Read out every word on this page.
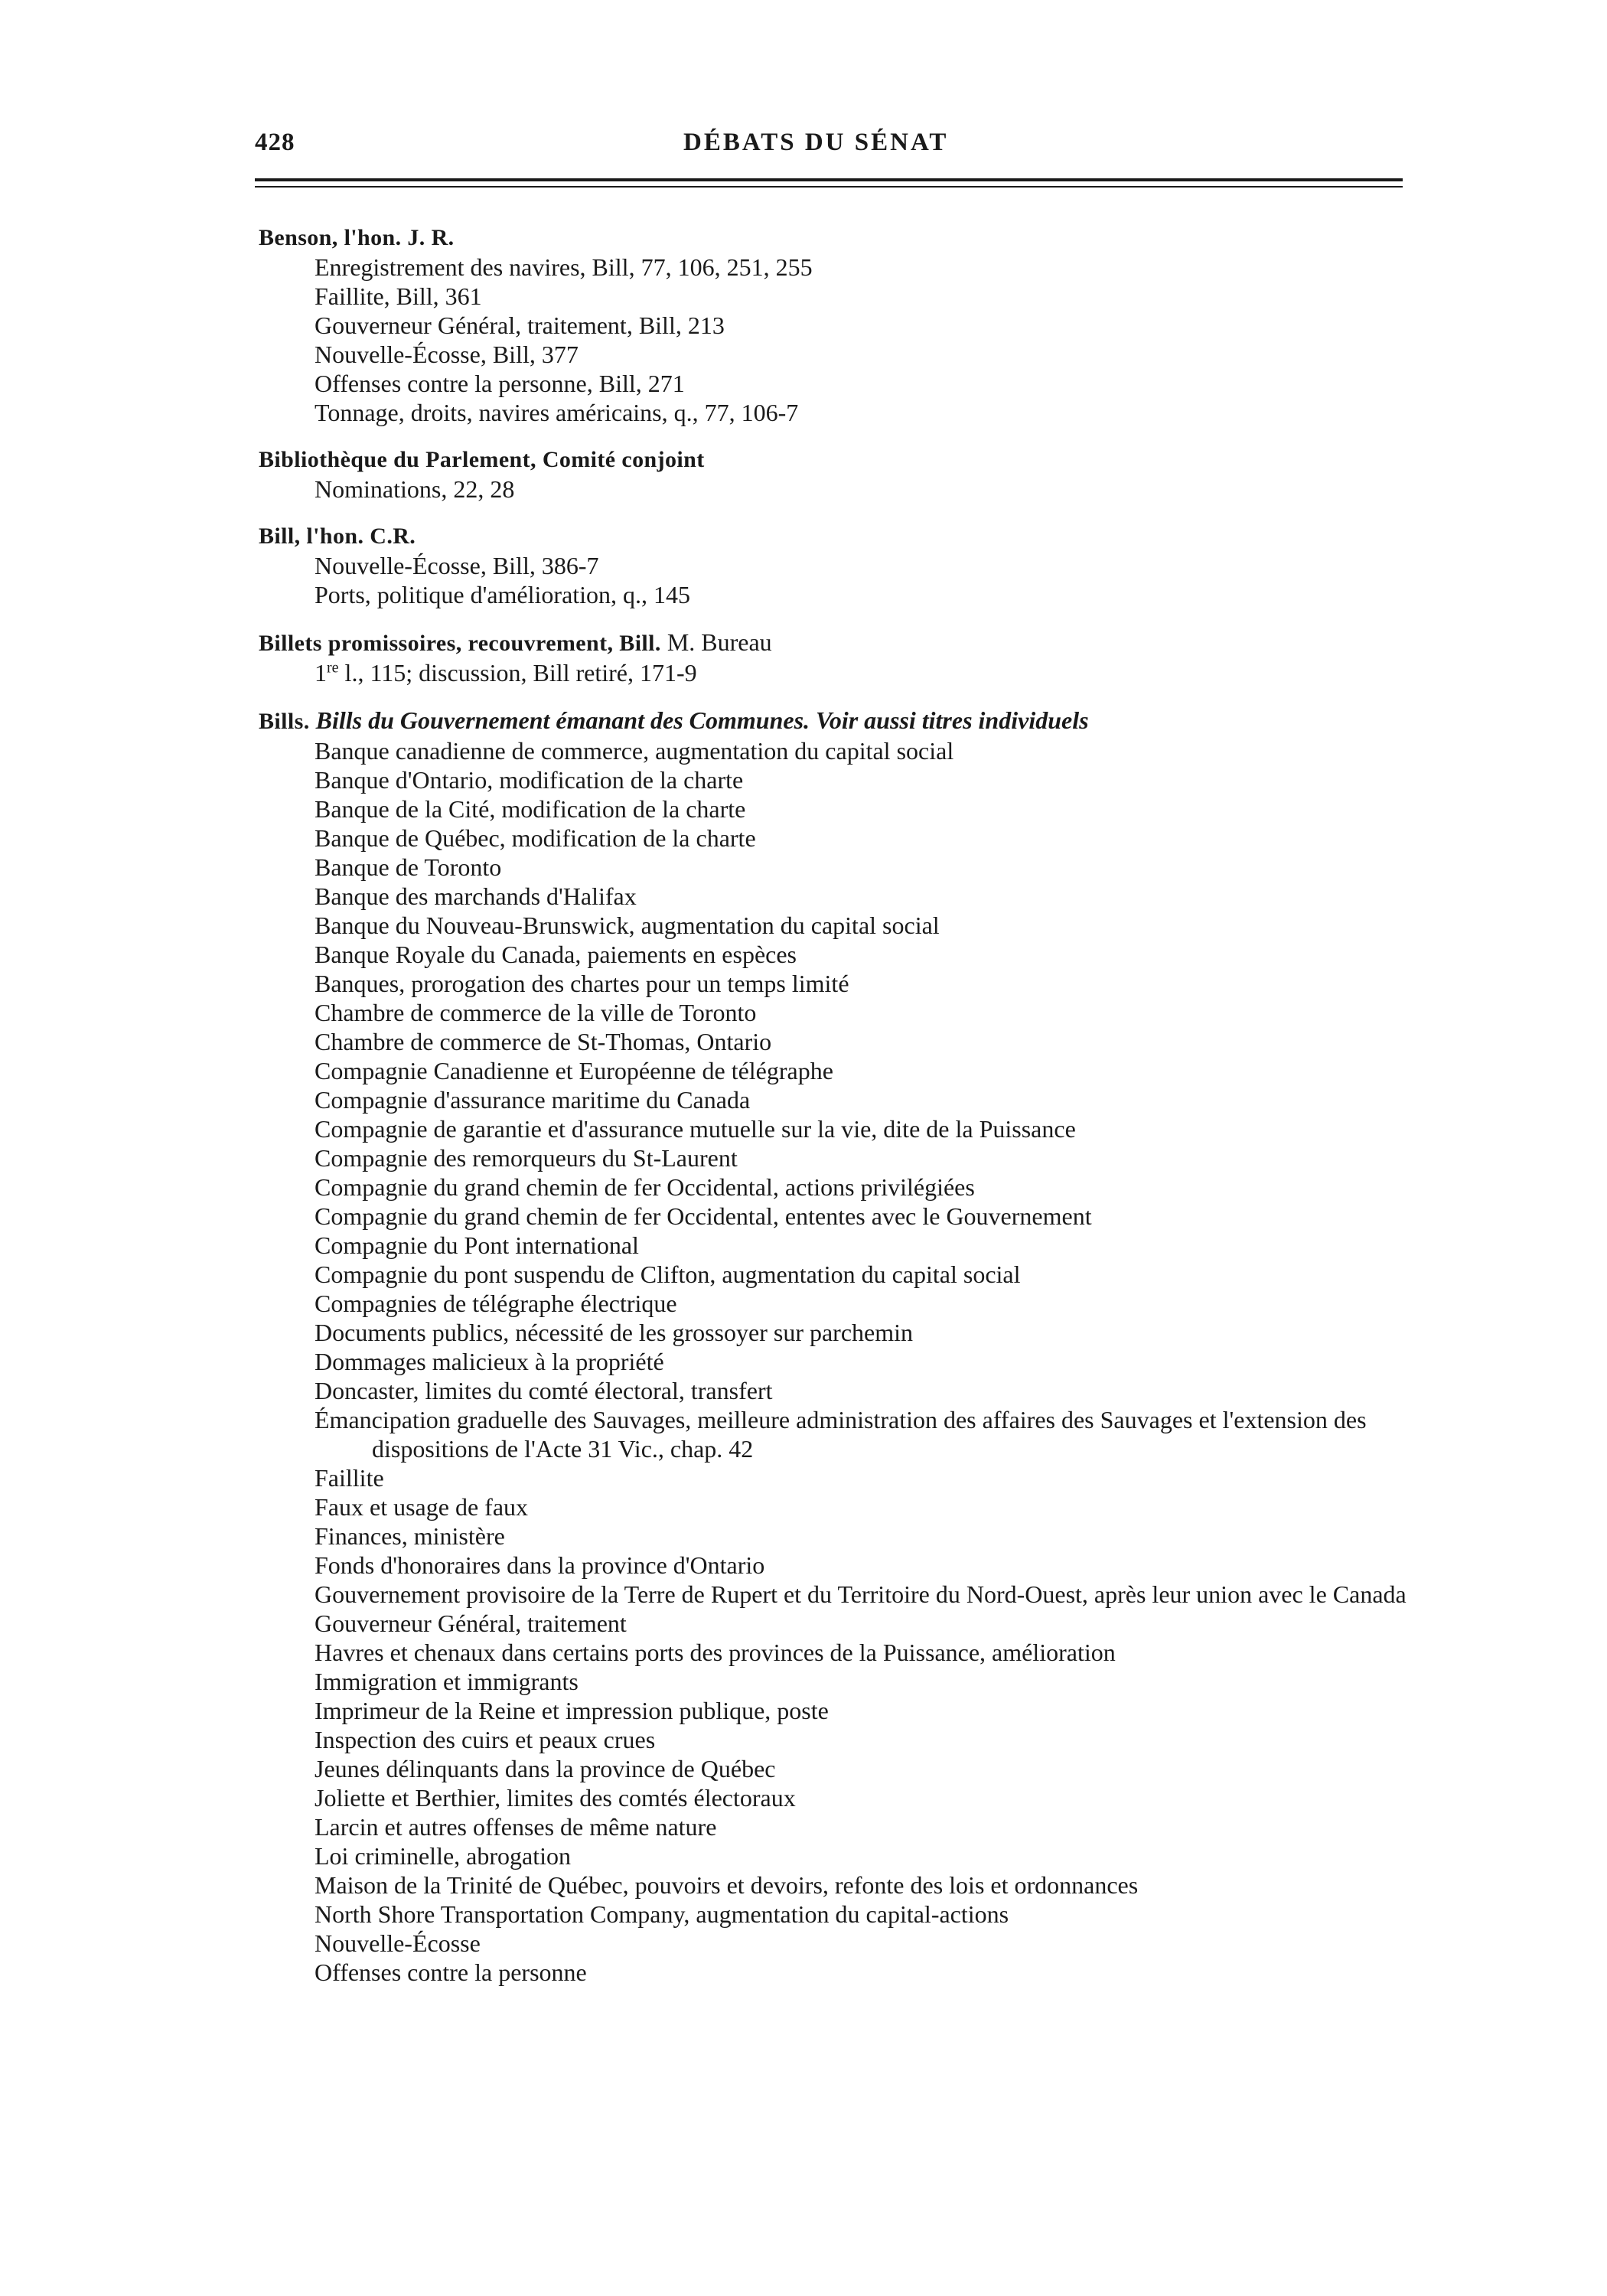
428	DÉBATS DU SÉNAT
Benson, l'hon. J. R.
Enregistrement des navires, Bill, 77, 106, 251, 255
Faillite, Bill, 361
Gouverneur Général, traitement, Bill, 213
Nouvelle-Écosse, Bill, 377
Offenses contre la personne, Bill, 271
Tonnage, droits, navires américains, q., 77, 106-7
Bibliothèque du Parlement, Comité conjoint
Nominations, 22, 28
Bill, l'hon. C.R.
Nouvelle-Écosse, Bill, 386-7
Ports, politique d'amélioration, q., 145
Billets promissoires, recouvrement, Bill. M. Bureau
1re l., 115; discussion, Bill retiré, 171-9
Bills. Bills du Gouvernement émanant des Communes. Voir aussi titres individuels
Banque canadienne de commerce, augmentation du capital social
Banque d'Ontario, modification de la charte
Banque de la Cité, modification de la charte
Banque de Québec, modification de la charte
Banque de Toronto
Banque des marchands d'Halifax
Banque du Nouveau-Brunswick, augmentation du capital social
Banque Royale du Canada, paiements en espèces
Banques, prorogation des chartes pour un temps limité
Chambre de commerce de la ville de Toronto
Chambre de commerce de St-Thomas, Ontario
Compagnie Canadienne et Européenne de télégraphe
Compagnie d'assurance maritime du Canada
Compagnie de garantie et d'assurance mutuelle sur la vie, dite de la Puissance
Compagnie des remorqueurs du St-Laurent
Compagnie du grand chemin de fer Occidental, actions privilégiées
Compagnie du grand chemin de fer Occidental, ententes avec le Gouvernement
Compagnie du Pont international
Compagnie du pont suspendu de Clifton, augmentation du capital social
Compagnies de télégraphe électrique
Documents publics, nécessité de les grossoyer sur parchemin
Dommages malicieux à la propriété
Doncaster, limites du comté électoral, transfert
Émancipation graduelle des Sauvages, meilleure administration des affaires des Sauvages et l'extension des dispositions de l'Acte 31 Vic., chap. 42
Faillite
Faux et usage de faux
Finances, ministère
Fonds d'honoraires dans la province d'Ontario
Gouvernement provisoire de la Terre de Rupert et du Territoire du Nord-Ouest, après leur union avec le Canada
Gouverneur Général, traitement
Havres et chenaux dans certains ports des provinces de la Puissance, amélioration
Immigration et immigrants
Imprimeur de la Reine et impression publique, poste
Inspection des cuirs et peaux crues
Jeunes délinquants dans la province de Québec
Joliette et Berthier, limites des comtés électoraux
Larcin et autres offenses de même nature
Loi criminelle, abrogation
Maison de la Trinité de Québec, pouvoirs et devoirs, refonte des lois et ordonnances
North Shore Transportation Company, augmentation du capital-actions
Nouvelle-Écosse
Offenses contre la personne
